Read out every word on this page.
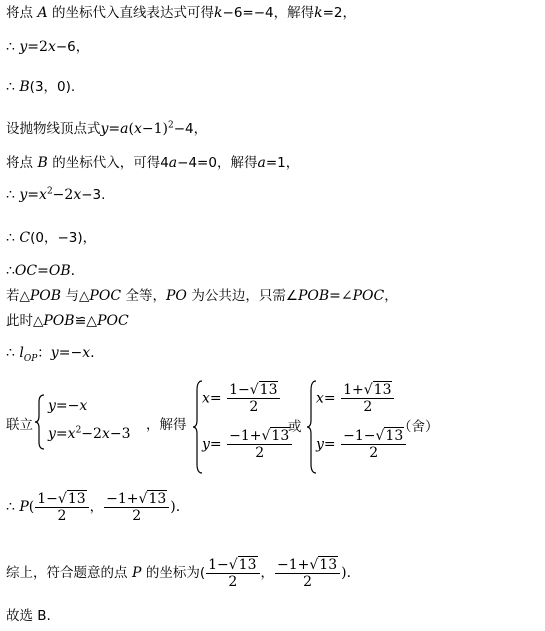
将点 A 的坐标代入直线表达式可得k−6=−4，解得k=2，
∴ y=2x−6，
∴ B(3，0).
设抛物线顶点式$y=a(x-1)^2-4$，
将点 B 的坐标代入，可得4a−4=0，解得a=1，
∴ $y=x^2-2x-3$.
∴ C(0，−3)，
∴OC=OB.
若△POB 与△POC 全等，PO 为公共边，只需∠POB=∠POC，
此时△POB≌△POC
∴ $l_{OP}$：y=−x.
联立
y=−x
$y=x^2-2x-3$
，解得
$x= \frac{1-√13}{2}$
$y= \frac{-1+√13}{2}$
或
$x= \frac{1+√13}{2}$
$y= \frac{-1-√13}{2}$
（舍）
∴ $P( \frac{1-√13}{2}$ ， $\frac{-1+√13}{2}$ ).
综上，符合题意的点 P 的坐标为( $\frac{1-√13}{2}$ ， $\frac{-1+√13}{2}$ ).
故选 B.
